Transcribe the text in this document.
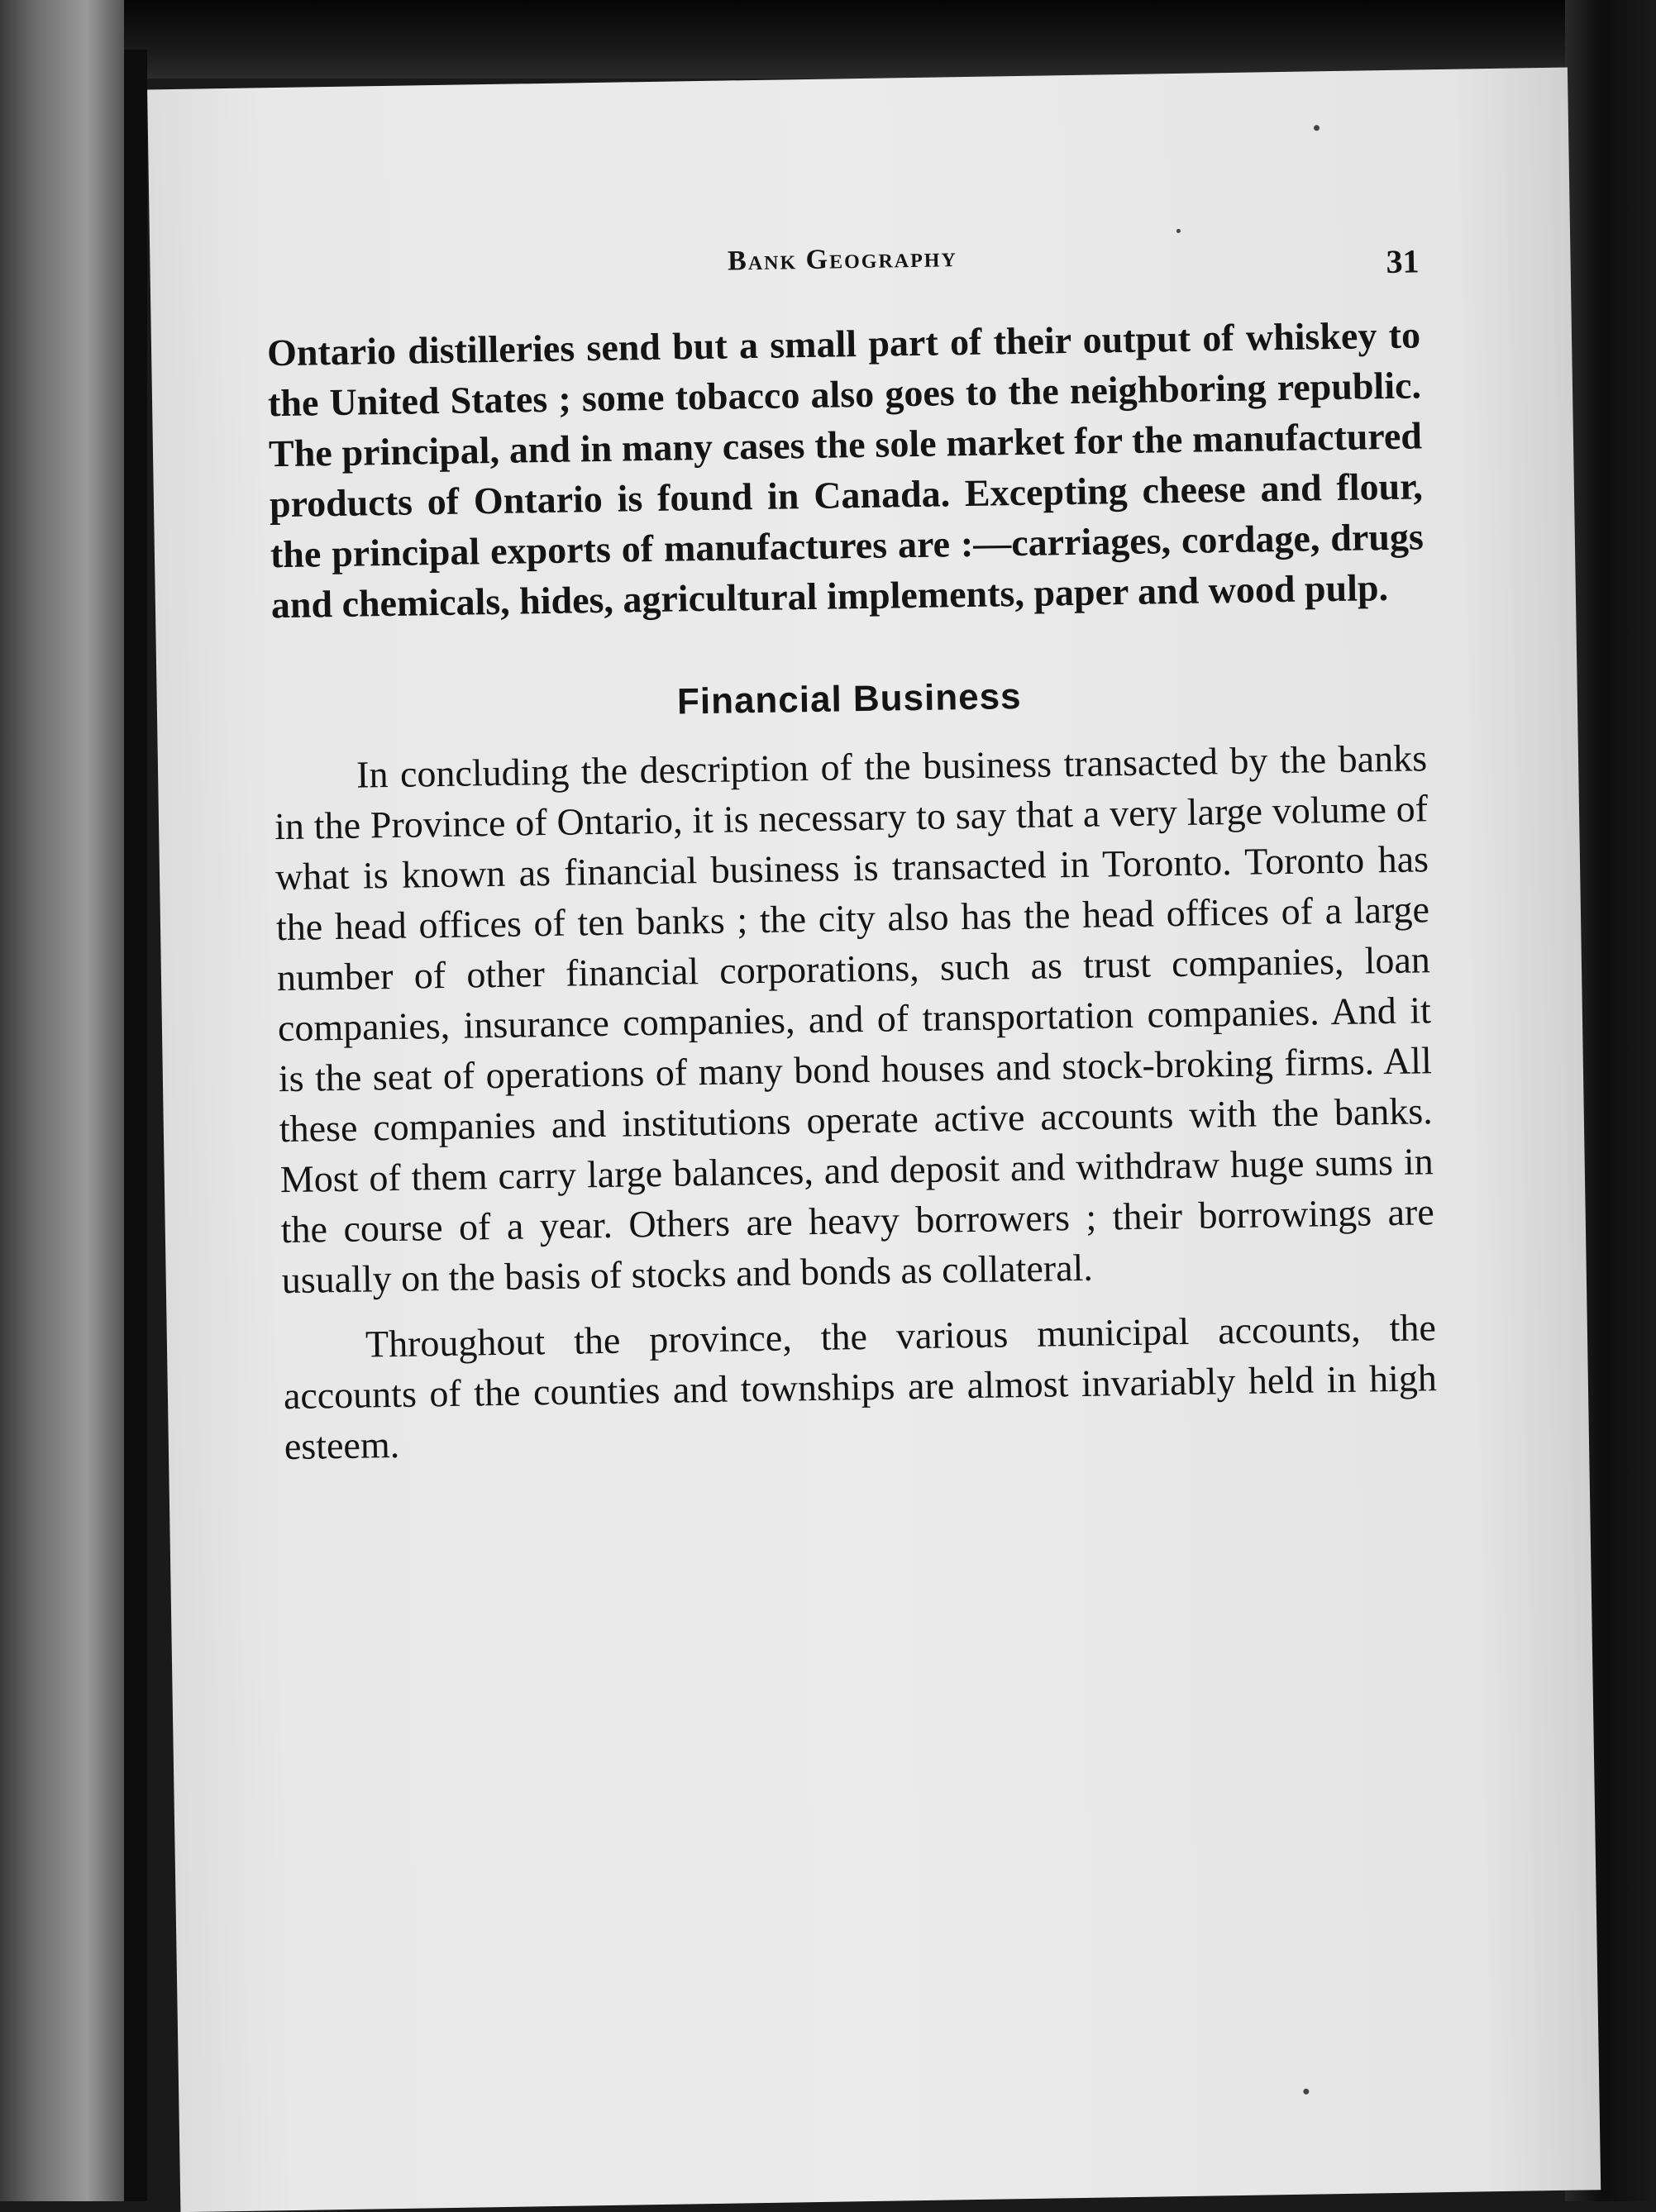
Bank Geography	31

Ontario distilleries send but a small part of their output of whiskey to the United States ; some tobacco also goes to the neighboring republic. The principal, and in many cases the sole market for the manufactured products of Ontario is found in Canada. Excepting cheese and flour, the principal exports of manufactures are :—carriages, cordage, drugs and chemicals, hides, agricultural implements, paper and wood pulp.

Financial Business

In concluding the description of the business transacted by the banks in the Province of Ontario, it is necessary to say that a very large volume of what is known as financial business is transacted in Toronto. Toronto has the head offices of ten banks ; the city also has the head offices of a large number of other financial corporations, such as trust companies, loan companies, insurance companies, and of transportation companies. And it is the seat of operations of many bond houses and stock-broking firms. All these companies and institutions operate active accounts with the banks. Most of them carry large balances, and deposit and withdraw huge sums in the course of a year. Others are heavy borrowers ; their borrowings are usually on the basis of stocks and bonds as collateral.

Throughout the province, the various municipal accounts, the accounts of the counties and townships are almost invariably held in high esteem.
